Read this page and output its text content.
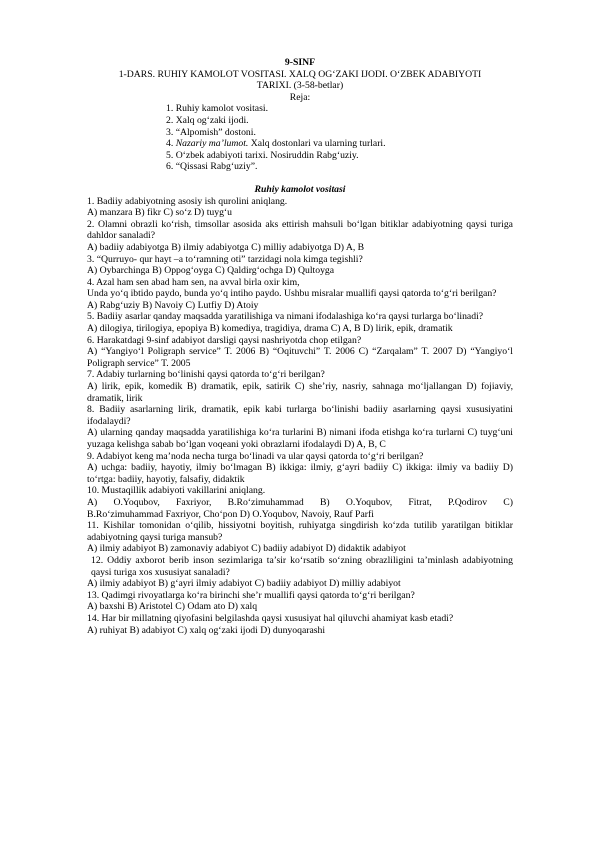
9-SINF
1-DARS. RUHIY KAMOLOT VOSITASI. XALQ OG‘ZAKI IJODI. O‘ZBEK ADABIYOTI
TARIXI. (3-58-betlar)
Reja:
1. Ruhiy kamolot vositasi.
2. Xalq og‘zaki ijodi.
3. “Alpomish” dostoni.
4. Nazariy ma’lumot. Xalq dostonlari va ularning turlari.
5. O‘zbek adabiyoti tarixi. Nosiruddin Rabg‘uziy.
6. “Qissasi Rabg‘uziy”.
Ruhiy kamolot vositasi

1. Badiiy adabiyotning asosiy ish qurolini aniqlang.

A) manzara B) fikr C) so‘z D) tuyg‘u

2. Olamni obrazli ko‘rish, timsollar asosida aks ettirish mahsuli bo‘lgan bitiklar adabiyotning qaysi turiga dahldor sanaladi?

A) badiiy adabiyotga B) ilmiy adabiyotga C) milliy adabiyotga D) A, B

3. “Qurruyo- qur hayt –a to‘ramning oti” tarzidagi nola kimga tegishli?

A) Oybarchinga B) Oppog‘oyga C) Qaldirg‘ochga D) Qultoyga

4. Azal ham sen abad ham sen, na avval birla oxir kim,
Unda yo‘q ibtido paydo, bunda yo‘q intiho paydo. Ushbu misralar muallifi qaysi qatorda to‘g‘ri berilgan?

A) Rabg‘uziy B) Navoiy C) Lutfiy D) Atoiy

5. Badiiy asarlar qanday maqsadda yaratilishiga va nimani ifodalashiga ko‘ra qaysi turlarga bo‘linadi?

A) dilogiya, tirilogiya, epopiya B) komediya, tragidiya, drama C) A, B D) lirik, epik, dramatik

6. Harakatdagi 9-sinf adabiyot darsligi qaysi nashriyotda chop etilgan?

A) “Yangiyo‘l Poligraph service” T. 2006 B) “Oqituvchi” T. 2006 C) “Zarqalam” T. 2007 D) “Yangiyo‘l Poligraph service” T. 2005

7. Adabiy turlarning bo‘linishi qaysi qatorda to‘g‘ri berilgan?

A) lirik, epik, komedik B) dramatik, epik, satirik C) she’riy, nasriy, sahnaga mo‘ljallangan D) fojiaviy, dramatik, lirik

8. Badiiy asarlarning lirik, dramatik, epik kabi turlarga bo‘linishi badiiy asarlarning qaysi xususiyatini ifodalaydi?

A) ularning qanday maqsadda yaratilishiga ko‘ra turlarini B) nimani ifoda etishga ko‘ra turlarni C) tuyg‘uni yuzaga kelishga sabab bo‘lgan voqeani yoki obrazlarni ifodalaydi D) A, B, C

9. Adabiyot keng ma’noda necha turga bo‘linadi va ular qaysi qatorda to‘g‘ri berilgan?

A) uchga: badiiy, hayotiy, ilmiy bo‘lmagan B) ikkiga: ilmiy, g‘ayri badiiy C) ikkiga: ilmiy va badiiy D) to‘rtga: badiiy, hayotiy, falsafiy, didaktik

10. Mustaqillik adabiyoti vakillarini aniqlang.

A) O.Yoqubov, Faxriyor, B.Ro‘zimuhammad B) O.Yoqubov, Fitrat, P.Qodirov C)

B.Ro‘zimuhammad Faxriyor, Cho‘pon D) O.Yoqubov, Navoiy, Rauf Parfi

11. Kishilar tomonidan o‘qilib, hissiyotni boyitish, ruhiyatga singdirish ko‘zda tutilib yaratilgan bitiklar adabiyotning qaysi turiga mansub?

A) ilmiy adabiyot B) zamonaviy adabiyot C) badiiy adabiyot D) didaktik adabiyot

12. Oddiy axborot berib inson sezimlariga ta’sir ko‘rsatib so‘zning obrazliligini ta’minlash adabiyotning qaysi turiga xos xususiyat sanaladi?

A) ilmiy adabiyot B) g‘ayri ilmiy adabiyot C) badiiy adabiyot D) milliy adabiyot

13. Qadimgi rivoyatlarga ko‘ra birinchi she’r muallifi qaysi qatorda to‘g‘ri berilgan?

A) baxshi B) Aristotel C) Odam ato D) xalq

14. Har bir millatning qiyofasini belgilashda qaysi xususiyat hal qiluvchi ahamiyat kasb etadi?

A) ruhiyat B) adabiyot C) xalq og‘zaki ijodi D) dunyoqarashi
